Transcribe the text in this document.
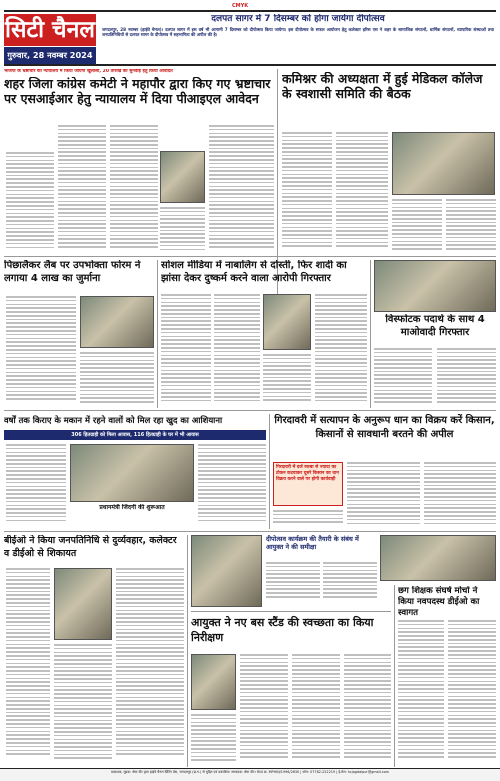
CMYK
सिटी चैनल
गुरुवार, 28 नवम्बर 2024
दलपत सागर में 7 दिसम्बर को होगा जायेगा दीपोत्सव
जगदलपुर, 28 नवम्बर (हाईवे चैनल)। दलपत सागर में इस वर्ष भी आगामी 7 दिसम्बर को दीपोत्सव किया जायेगा। इस दीपोत्सव के सफल आयोजन हेतु कलेक्टर हरिस एस ने शहर के सामाजिक संगठनों, धार्मिक संगठनों, व्यापारिक संस्थाओं तथा जनप्रतिनिधियों से दलपत सागर के दीपोत्सव में सहभागिता की अपील की है।
भाजपा के भ्रष्टाचार का न्यायालय में किया जायेगा खुलासा, 20 तारीख को सुनवाई हेतु किया आवेदित
शहर जिला कांग्रेस कमेटी ने महापौर द्वारा किए गए भ्रष्टाचार पर एसआईआर हेतु न्यायालय में दिया पीआइएल आवेदन
कमिश्नर की अध्यक्षता में हुई मेडिकल कॉलेज के स्वशासी समिति की बैठक
पिछालैकर लैब पर उपभोक्ता फोरम ने लगाया 4 लाख का जुर्माना
सोशल मीडिया में नाबालिग से दोस्ती, फिर शादी का झांसा देकर दुष्कर्म करने वाला आरोपी गिरफ्तार
विस्फोटक पदार्थ के साथ 4 माओवादी गिरफ्तार
वर्षों तक किराए के मकान में रहने वालों को मिल रहा खुद का आशियाना
306 हितग्राही को मिला आवास, 116 हितग्राही के घर में भी आवास
प्रधानमंत्री जिंदगी की शुरूआत
गिरदावरी में सत्यापन के अनुरूप धान का विक्रय करें किसान, किसानों से सावधानी बरतने की अपील
गिरदावरी में दर्ज रकबा से ज्यादा का टोकन कटवाकर दूसरे किसान का धान विक्रय करने वाले पर होगी कार्यवाही
बीईओ ने किया जनपतिनिधि से दुर्व्यवहार, कलेक्टर व डीईओ से शिकायत
दीपोत्सव कार्यक्रम की तैयारी के संबंध में आयुक्त ने की समीक्षा
आयुक्त ने नए बस स्टैंड की स्वच्छता का किया निरीक्षण
छग शिक्षक संघर्ष मोर्चा ने किया नवपदस्थ डीईओ का स्वागत
प्रकाशक, मुद्रक: श्रेया वीर द्वारा हाईवे चैनल प्रिंटिंग प्रेस, जगदलपुर (छ.ग.) से मुद्रित एवं प्रकाशित। सम्पादक: श्रेया वीर। RNI क्र. MPHIN/1996/2630 | फोन: 07782-222219 | ई-मेल: hcjagdalpur@gmail.com
